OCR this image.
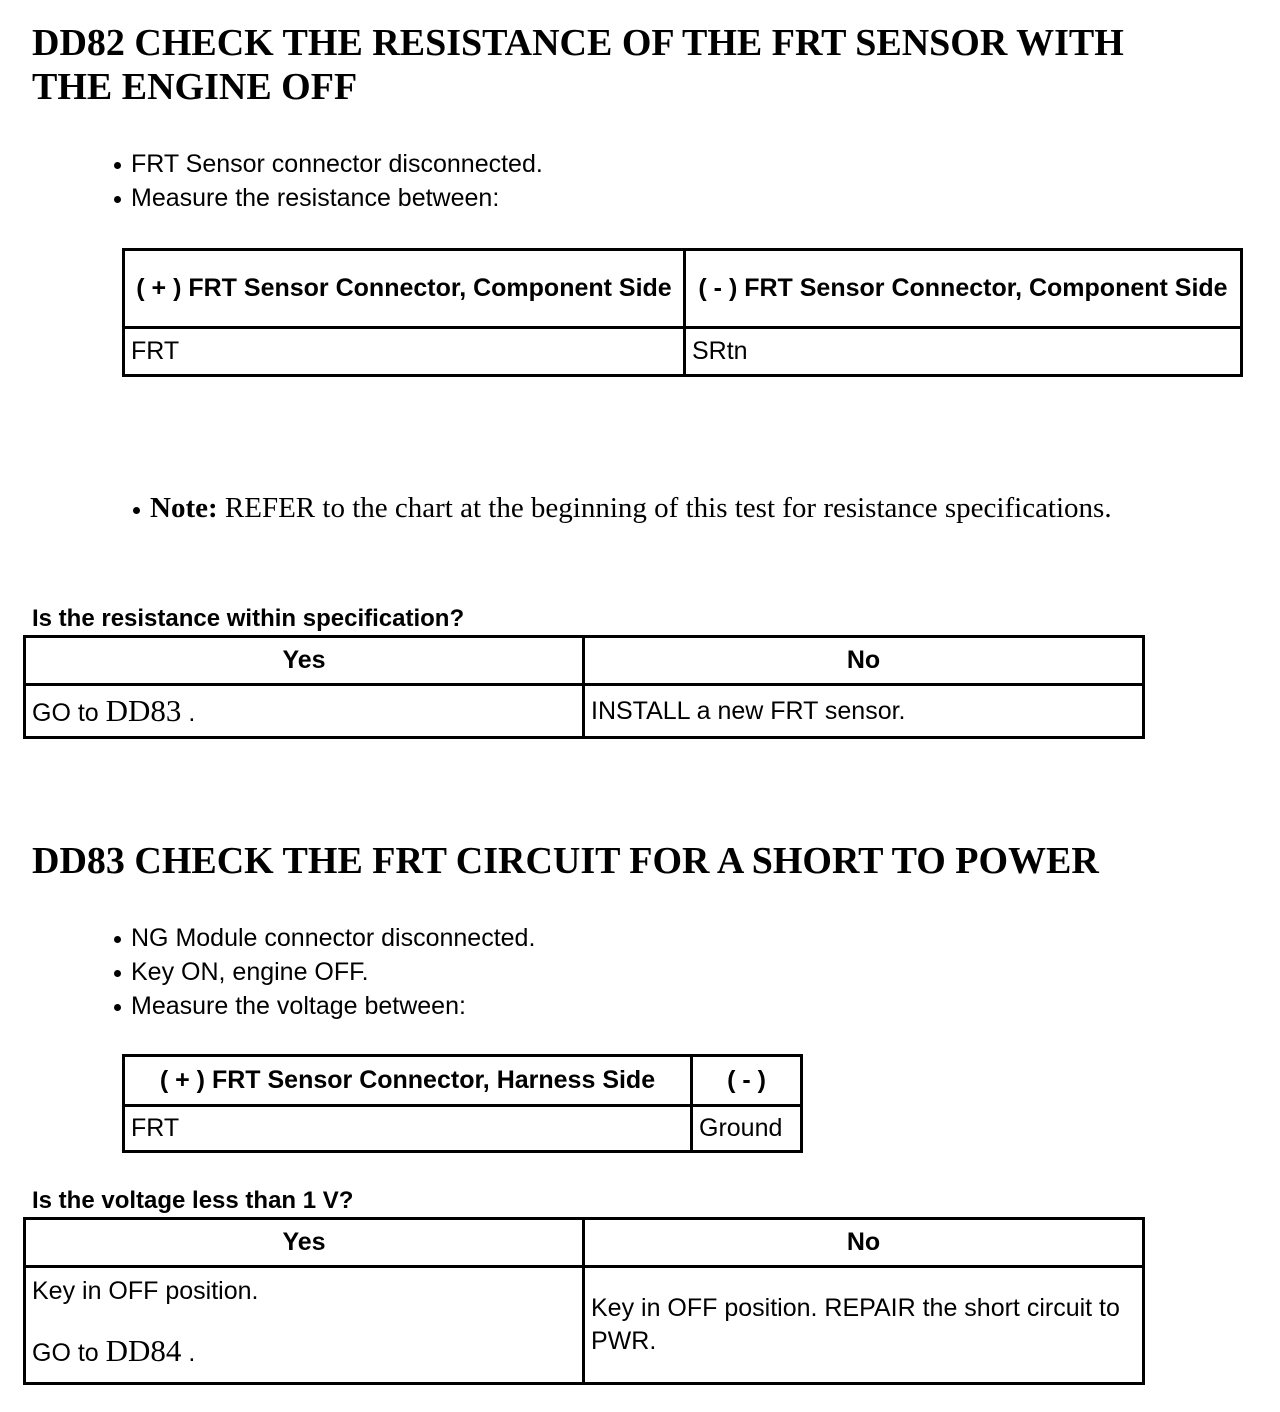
DD82 CHECK THE RESISTANCE OF THE FRT SENSOR WITH

THE ENGINE OFF

FRT Sensor connector disconnected.
Measure the resistance between:
( + ) FRT Sensor Connector, Component Side	( - ) FRT Sensor Connector, Component Side
FRT	SRtn

Note: REFER to the chart at the beginning of this test for resistance specifications.

Is the resistance within specification?

Yes	No
GO to DD83 .	INSTALL a new FRT sensor.

DD83 CHECK THE FRT CIRCUIT FOR A SHORT TO POWER

NG Module connector disconnected.
Key ON, engine OFF.
Measure the voltage between:
( + ) FRT Sensor Connector, Harness Side	( - )
FRT	Ground

Is the voltage less than 1 V?

Yes	No

Key in OFF position.
GO to DD84 .	Key in OFF position. REPAIR the short circuit to PWR.
